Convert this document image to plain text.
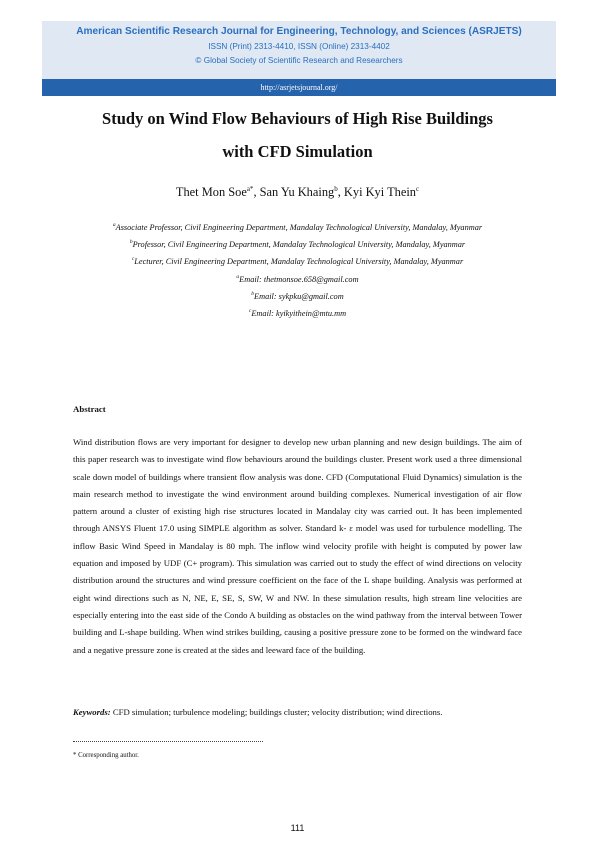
American Scientific Research Journal for Engineering, Technology, and Sciences (ASRJETS)
ISSN (Print) 2313-4410, ISSN (Online) 2313-4402
© Global Society of Scientific Research and Researchers
http://asrjetsjournal.org/
Study on Wind Flow Behaviours of High Rise Buildings
with CFD Simulation
Thet Mon Soe$^{a*}$, San Yu Khaing$^b$, Kyi Kyi Thein$^c$
$^a$Associate Professor, Civil Engineering Department, Mandalay Technological University, Mandalay, Myanmar
$^b$Professor, Civil Engineering Department, Mandalay Technological University, Mandalay, Myanmar
$^c$Lecturer, Civil Engineering Department, Mandalay Technological University, Mandalay, Myanmar
$^a$Email: thetmonsoe.658@gmail.com
$^b$Email: sykpku@gmail.com
$^c$Email: kyikyithein@mtu.mm
Abstract
Wind distribution flows are very important for designer to develop new urban planning and new design buildings. The aim of this paper research was to investigate wind flow behaviours around the buildings cluster. Present work used a three dimensional scale down model of buildings where transient flow analysis was done. CFD (Computational Fluid Dynamics) simulation is the main research method to investigate the wind environment around building complexes. Numerical investigation of air flow pattern around a cluster of existing high rise structures located in Mandalay city was carried out. It has been implemented through ANSYS Fluent 17.0 using SIMPLE algorithm as solver. Standard k- ε model was used for turbulence modelling. The inflow Basic Wind Speed in Mandalay is 80 mph. The inflow wind velocity profile with height is computed by power law equation and imposed by UDF (C+ program). This simulation was carried out to study the effect of wind directions on velocity distribution around the structures and wind pressure coefficient on the face of the L shape building. Analysis was performed at eight wind directions such as N, NE, E, SE, S, SW, W and NW. In these simulation results, high stream line velocities are especially entering into the east side of the Condo A building as obstacles on the wind pathway from the interval between Tower building and L-shape building. When wind strikes building, causing a positive pressure zone to be formed on the windward face and a negative pressure zone is created at the sides and leeward face of the building.
Keywords: CFD simulation; turbulence modeling; buildings cluster; velocity distribution; wind directions.
* Corresponding author.
111
